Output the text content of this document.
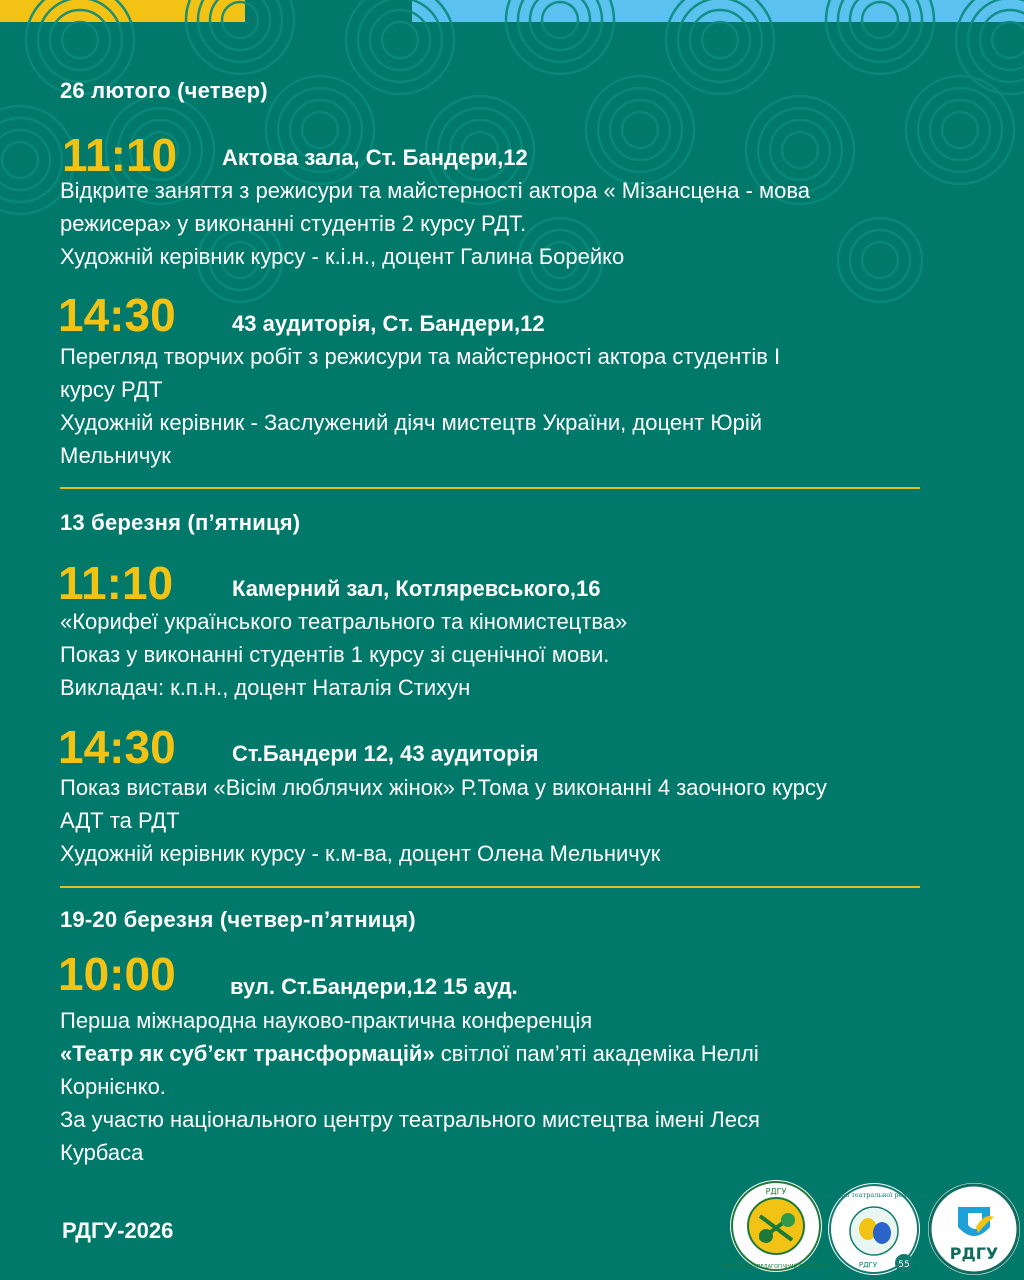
26 лютого (четвер)
11:10 Актова зала, Ст. Бандери,12

Відкрите заняття з режисури та майстерності актора « Мізансцена - мова

режисера» у виконанні студентів 2 курсу РДТ.

Художній керівник курсу - к.і.н., доцент Галина Борейко

14:30	43 аудиторія, Ст. Бандери,12

Перегляд творчих робіт з режисури та майстерності актора студентів І

курсу РДТ

Художній керівник - Заслужений діяч мистецтв України, доцент Юрій

Мельничук

13 березня (п’ятниця)
11:10	Камерний зал, Котляревського,16

«Корифеї українського театрального та кіномистецтва»

Показ у виконанні студентів 1 курсу зі сценічної мови.

Викладач: к.п.н., доцент Наталія Стихун

14:30	Ст.Бандери 12, 43 аудиторія

Показ вистави «Вісім люблячих жінок» Р.Тома у виконанні 4 заочного курсу

АДТ та РДТ

Художній керівник курсу - к.м-ва, доцент Олена Мельничук

19-20 березня (четвер-п’ятниця)
10:00 вул. Ст.Бандери,12 15 ауд.

Перша міжнародна науково-практична конференція

«Театр як суб’єкт трансформацій» світлої пам’яті академіка Неллі

Корнієнко.

За участю національного центру театрального мистецтва імені Леся

Курбаса

РДГУ-2026
РДГУ
МИСТЕЦЬКО-ПЕДАГОГІЧНИЙ ФАКУЛЬТЕТ
Кафедра театральної режисури
РДГУ 55
РДГУ
